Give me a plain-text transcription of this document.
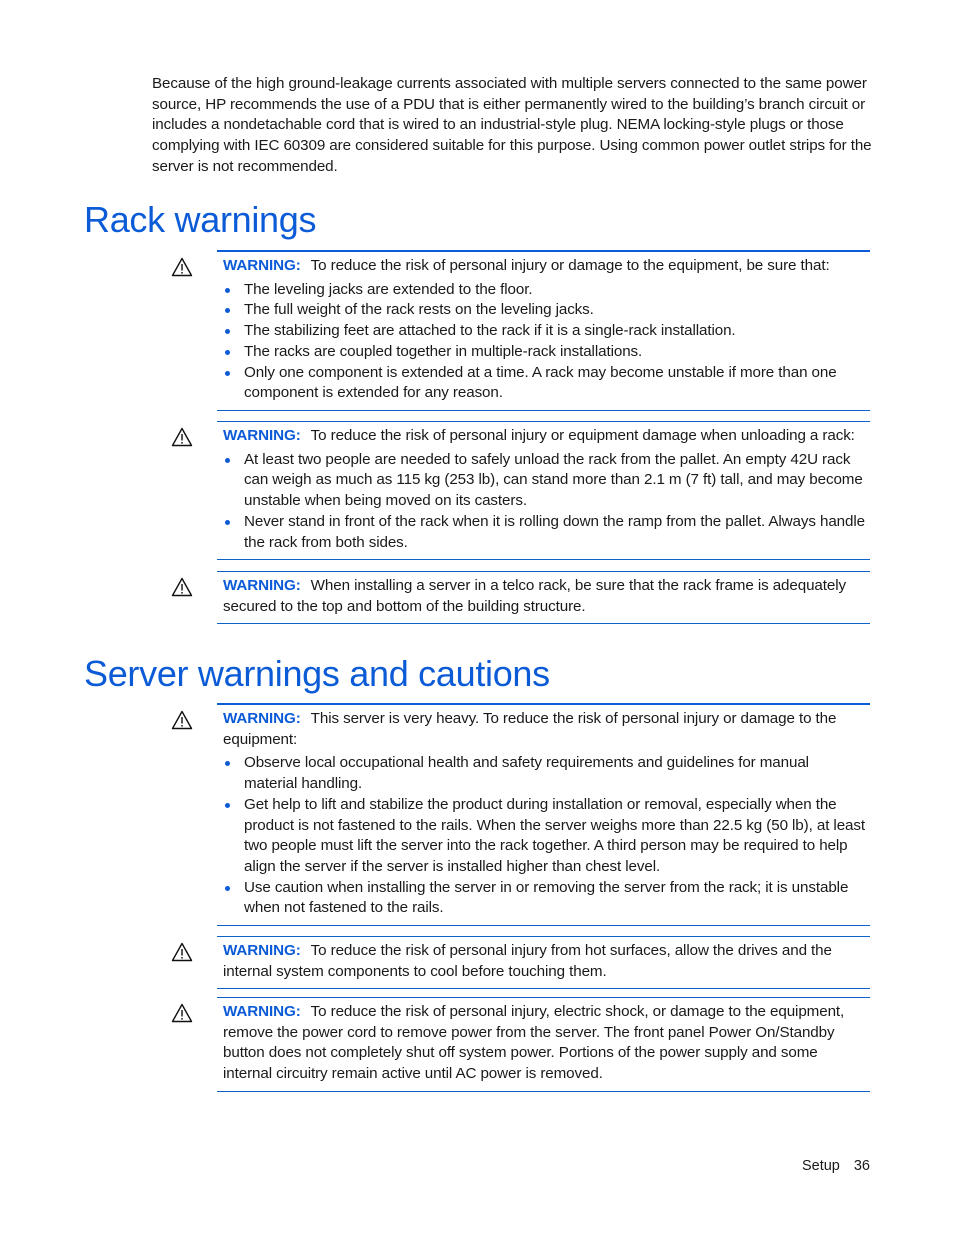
Because of the high ground-leakage currents associated with multiple servers connected to the same power source, HP recommends the use of a PDU that is either permanently wired to the building’s branch circuit or includes a nondetachable cord that is wired to an industrial-style plug. NEMA locking-style plugs or those complying with IEC 60309 are considered suitable for this purpose. Using common power outlet strips for the server is not recommended.
Rack warnings
WARNING: To reduce the risk of personal injury or damage to the equipment, be sure that:
The leveling jacks are extended to the floor.
The full weight of the rack rests on the leveling jacks.
The stabilizing feet are attached to the rack if it is a single-rack installation.
The racks are coupled together in multiple-rack installations.
Only one component is extended at a time. A rack may become unstable if more than one component is extended for any reason.
WARNING: To reduce the risk of personal injury or equipment damage when unloading a rack:
At least two people are needed to safely unload the rack from the pallet. An empty 42U rack can weigh as much as 115 kg (253 lb), can stand more than 2.1 m (7 ft) tall, and may become unstable when being moved on its casters.
Never stand in front of the rack when it is rolling down the ramp from the pallet. Always handle the rack from both sides.
WARNING: When installing a server in a telco rack, be sure that the rack frame is adequately secured to the top and bottom of the building structure.
Server warnings and cautions
WARNING: This server is very heavy. To reduce the risk of personal injury or damage to the equipment:
Observe local occupational health and safety requirements and guidelines for manual material handling.
Get help to lift and stabilize the product during installation or removal, especially when the product is not fastened to the rails. When the server weighs more than 22.5 kg (50 lb), at least two people must lift the server into the rack together. A third person may be required to help align the server if the server is installed higher than chest level.
Use caution when installing the server in or removing the server from the rack; it is unstable when not fastened to the rails.
WARNING: To reduce the risk of personal injury from hot surfaces, allow the drives and the internal system components to cool before touching them.
WARNING: To reduce the risk of personal injury, electric shock, or damage to the equipment, remove the power cord to remove power from the server. The front panel Power On/Standby button does not completely shut off system power. Portions of the power supply and some internal circuitry remain active until AC power is removed.
Setup 36
